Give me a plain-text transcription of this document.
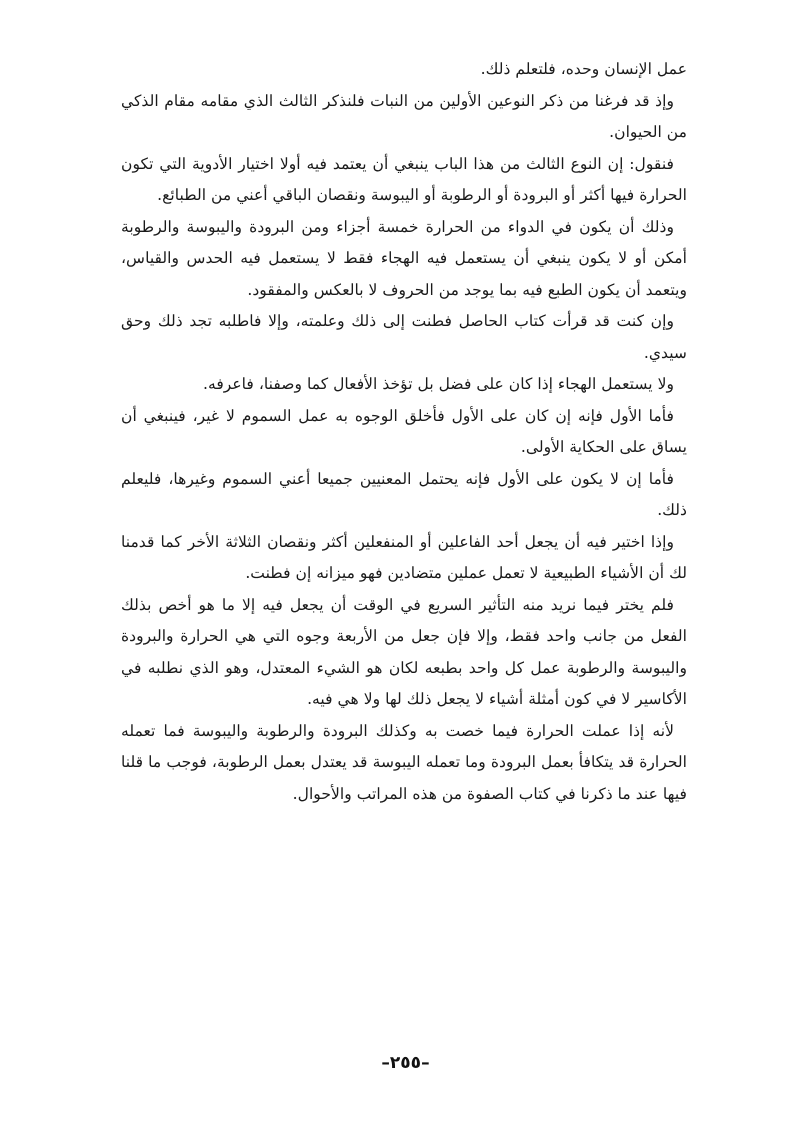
عمل الإنسان وحده، فلتعلم ذلك.

وإذ قد فرغنا من ذكر النوعين الأولين من النبات فلنذكر الثالث الذي مقامه مقام الذكي من الحيوان.

فنقول: إن النوع الثالث من هذا الباب ينبغي أن يعتمد فيه أولا اختيار الأدوية التي تكون الحرارة فيها أكثر أو البرودة أو الرطوبة أو اليبوسة ونقصان الباقي أعني من الطبائع.

وذلك أن يكون في الدواء من الحرارة خمسة أجزاء ومن البرودة واليبوسة والرطوبة أمكن أو لا يكون ينبغي أن يستعمل فيه الهجاء فقط لا يستعمل فيه الحدس والقياس، ويتعمد أن يكون الطبع فيه بما يوجد من الحروف لا بالعكس والمفقود.

وإن كنت قد قرأت كتاب الحاصل فطنت إلى ذلك وعلمته، وإلا فاطلبه تجد ذلك وحق سيدي.

ولا يستعمل الهجاء إذا كان على فضل بل تؤخذ الأفعال كما وصفنا، فاعرفه.

فأما الأول فإنه إن كان على الأول فأخلق الوجوه به عمل السموم لا غير، فينبغي أن يساق على الحكاية الأولى.

فأما إن لا يكون على الأول فإنه يحتمل المعنيين جميعا أعني السموم وغيرها، فليعلم ذلك.

وإذا اختير فيه أن يجعل أحد الفاعلين أو المنفعلين أكثر ونقصان الثلاثة الأخر كما قدمنا لك أن الأشياء الطبيعية لا تعمل عملين متضادين فهو ميزانه إن فطنت.

فلم يختر فيما نريد منه التأثير السريع في الوقت أن يجعل فيه إلا ما هو أخص بذلك الفعل من جانب واحد فقط، وإلا فإن جعل من الأربعة وجوه التي هي الحرارة والبرودة واليبوسة والرطوبة عمل كل واحد بطبعه لكان هو الشيء المعتدل، وهو الذي نطلبه في الأكاسير لا في كون أمثلة أشياء لا يجعل ذلك لها ولا هي فيه.

لأنه إذا عملت الحرارة فيما خصت به وكذلك البرودة والرطوبة واليبوسة فما تعمله الحرارة قد يتكافأ بعمل البرودة وما تعمله اليبوسة قد يعتدل بعمل الرطوبة، فوجب ما قلنا فيها عند ما ذكرنا في كتاب الصفوة من هذه المراتب والأحوال.

–٢٥٥–
